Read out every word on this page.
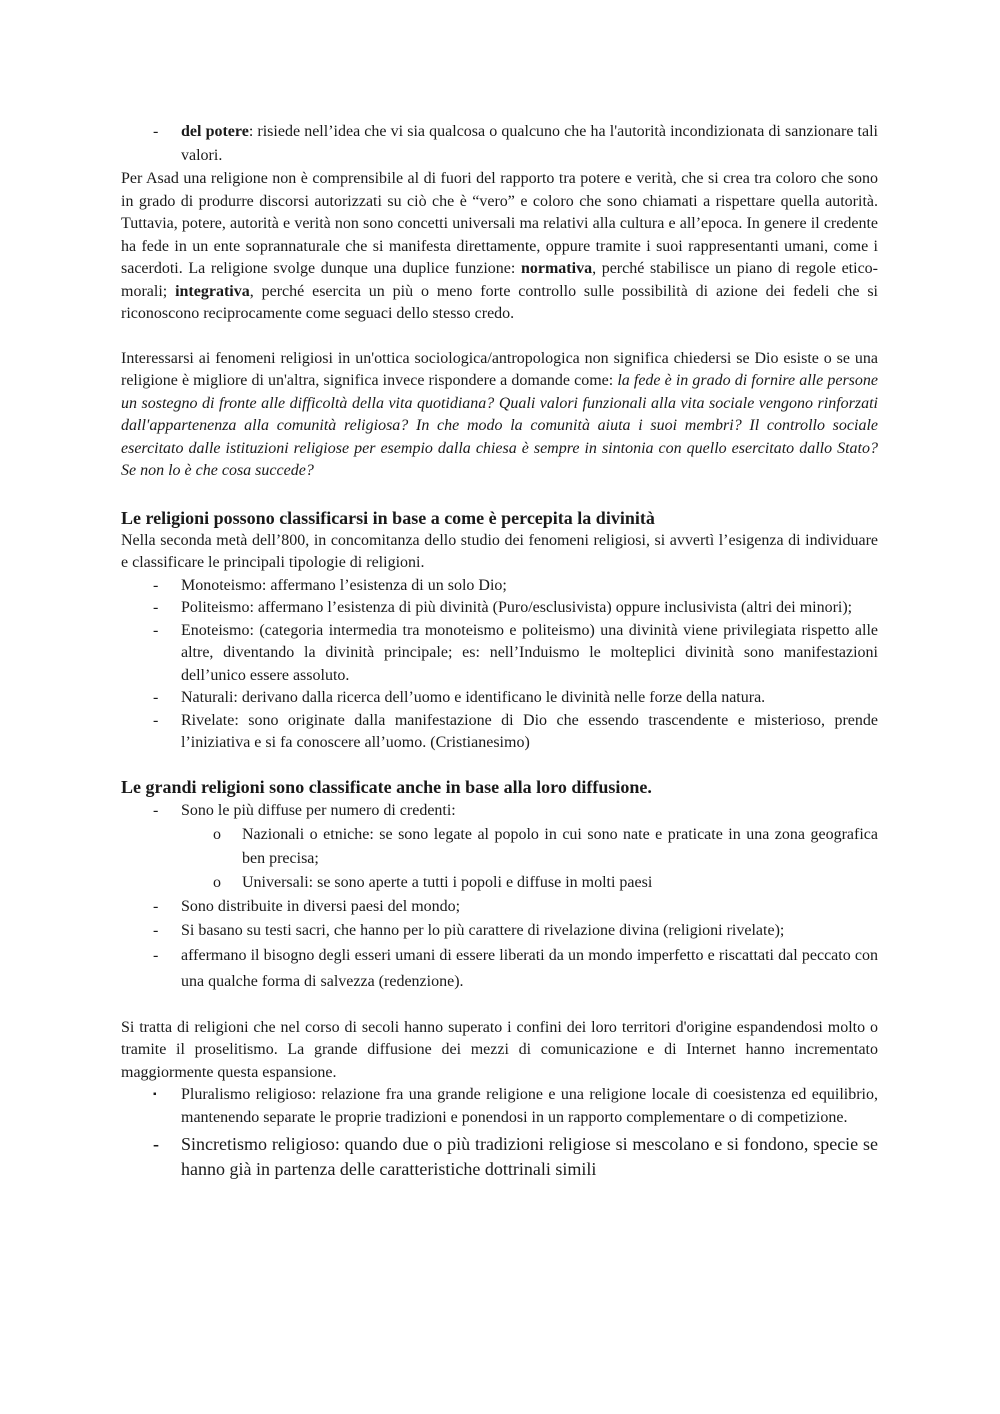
-	del potere: risiede nell’idea che vi sia qualcosa o qualcuno che ha l'autorità incondizionata di sanzionare tali valori.

Per Asad una religione non è comprensibile al di fuori del rapporto tra potere e verità, che si crea tra coloro che sono in grado di produrre discorsi autorizzati su ciò che è “vero” e coloro che sono chiamati a rispettare quella autorità. Tuttavia, potere, autorità e verità non sono concetti universali ma relativi alla cultura e all’epoca. In genere il credente ha fede in un ente soprannaturale che si manifesta direttamente, oppure tramite i suoi rappresentanti umani, come i sacerdoti. La religione svolge dunque una duplice funzione: normativa, perché stabilisce un piano di regole etico-morali; integrativa, perché esercita un più o meno forte controllo sulle possibilità di azione dei fedeli che si riconoscono reciprocamente come seguaci dello stesso credo.

Interessarsi ai fenomeni religiosi in un'ottica sociologica/antropologica non significa chiedersi se Dio esiste o se una religione è migliore di un'altra, significa invece rispondere a domande come: la fede è in grado di fornire alle persone un sostegno di fronte alle difficoltà della vita quotidiana? Quali valori funzionali alla vita sociale vengono rinforzati dall'appartenenza alla comunità religiosa? In che modo la comunità aiuta i suoi membri? Il controllo sociale esercitato dalle istituzioni religiose per esempio dalla chiesa è sempre in sintonia con quello esercitato dallo Stato? Se non lo è che cosa succede?

Le religioni possono classificarsi in base a come è percepita la divinità

Nella seconda metà dell’800, in concomitanza dello studio dei fenomeni religiosi, si avvertì l’esigenza di individuare e classificare le principali tipologie di religioni.

-	Monoteismo: affermano l’esistenza di un solo Dio;
-	Politeismo: affermano l’esistenza di più divinità (Puro/esclusivista) oppure inclusivista (altri dei minori);
-	Enoteismo: (categoria intermedia tra monoteismo e politeismo) una divinità viene privilegiata rispetto alle altre, diventando la divinità principale; es: nell’Induismo le molteplici divinità sono manifestazioni dell’unico essere assoluto.
-	Naturali: derivano dalla ricerca dell’uomo e identificano le divinità nelle forze della natura.
-	Rivelate: sono originate dalla manifestazione di Dio che essendo trascendente e misterioso, prende l’iniziativa e si fa conoscere all’uomo. (Cristianesimo)
Le grandi religioni sono classificate anche in base alla loro diffusione.
-	Sono le più diffuse per numero di credenti:
o Nazionali o etniche: se sono legate al popolo in cui sono nate e praticate in una zona geografica ben precisa;
o Universali: se sono aperte a tutti i popoli e diffuse in molti paesi
-	Sono distribuite in diversi paesi del mondo;
-	Si basano su testi sacri, che hanno per lo più carattere di rivelazione divina (religioni rivelate);
-	affermano il bisogno degli esseri umani di essere liberati da un mondo imperfetto e riscattati dal peccato con una qualche forma di salvezza (redenzione).

Si tratta di religioni che nel corso di secoli hanno superato i confini dei loro territori d'origine espandendosi molto o tramite il proselitismo. La grande diffusione dei mezzi di comunicazione e di Internet hanno incrementato maggiormente questa espansione.

▪	Pluralismo religioso: relazione fra una grande religione e una religione locale di coesistenza ed equilibrio, mantenendo separate le proprie tradizioni e ponendosi in un rapporto complementare o di competizione.
-	Sincretismo religioso: quando due o più tradizioni religiose si mescolano e si fondono, specie se hanno già in partenza delle caratteristiche dottrinali simili
